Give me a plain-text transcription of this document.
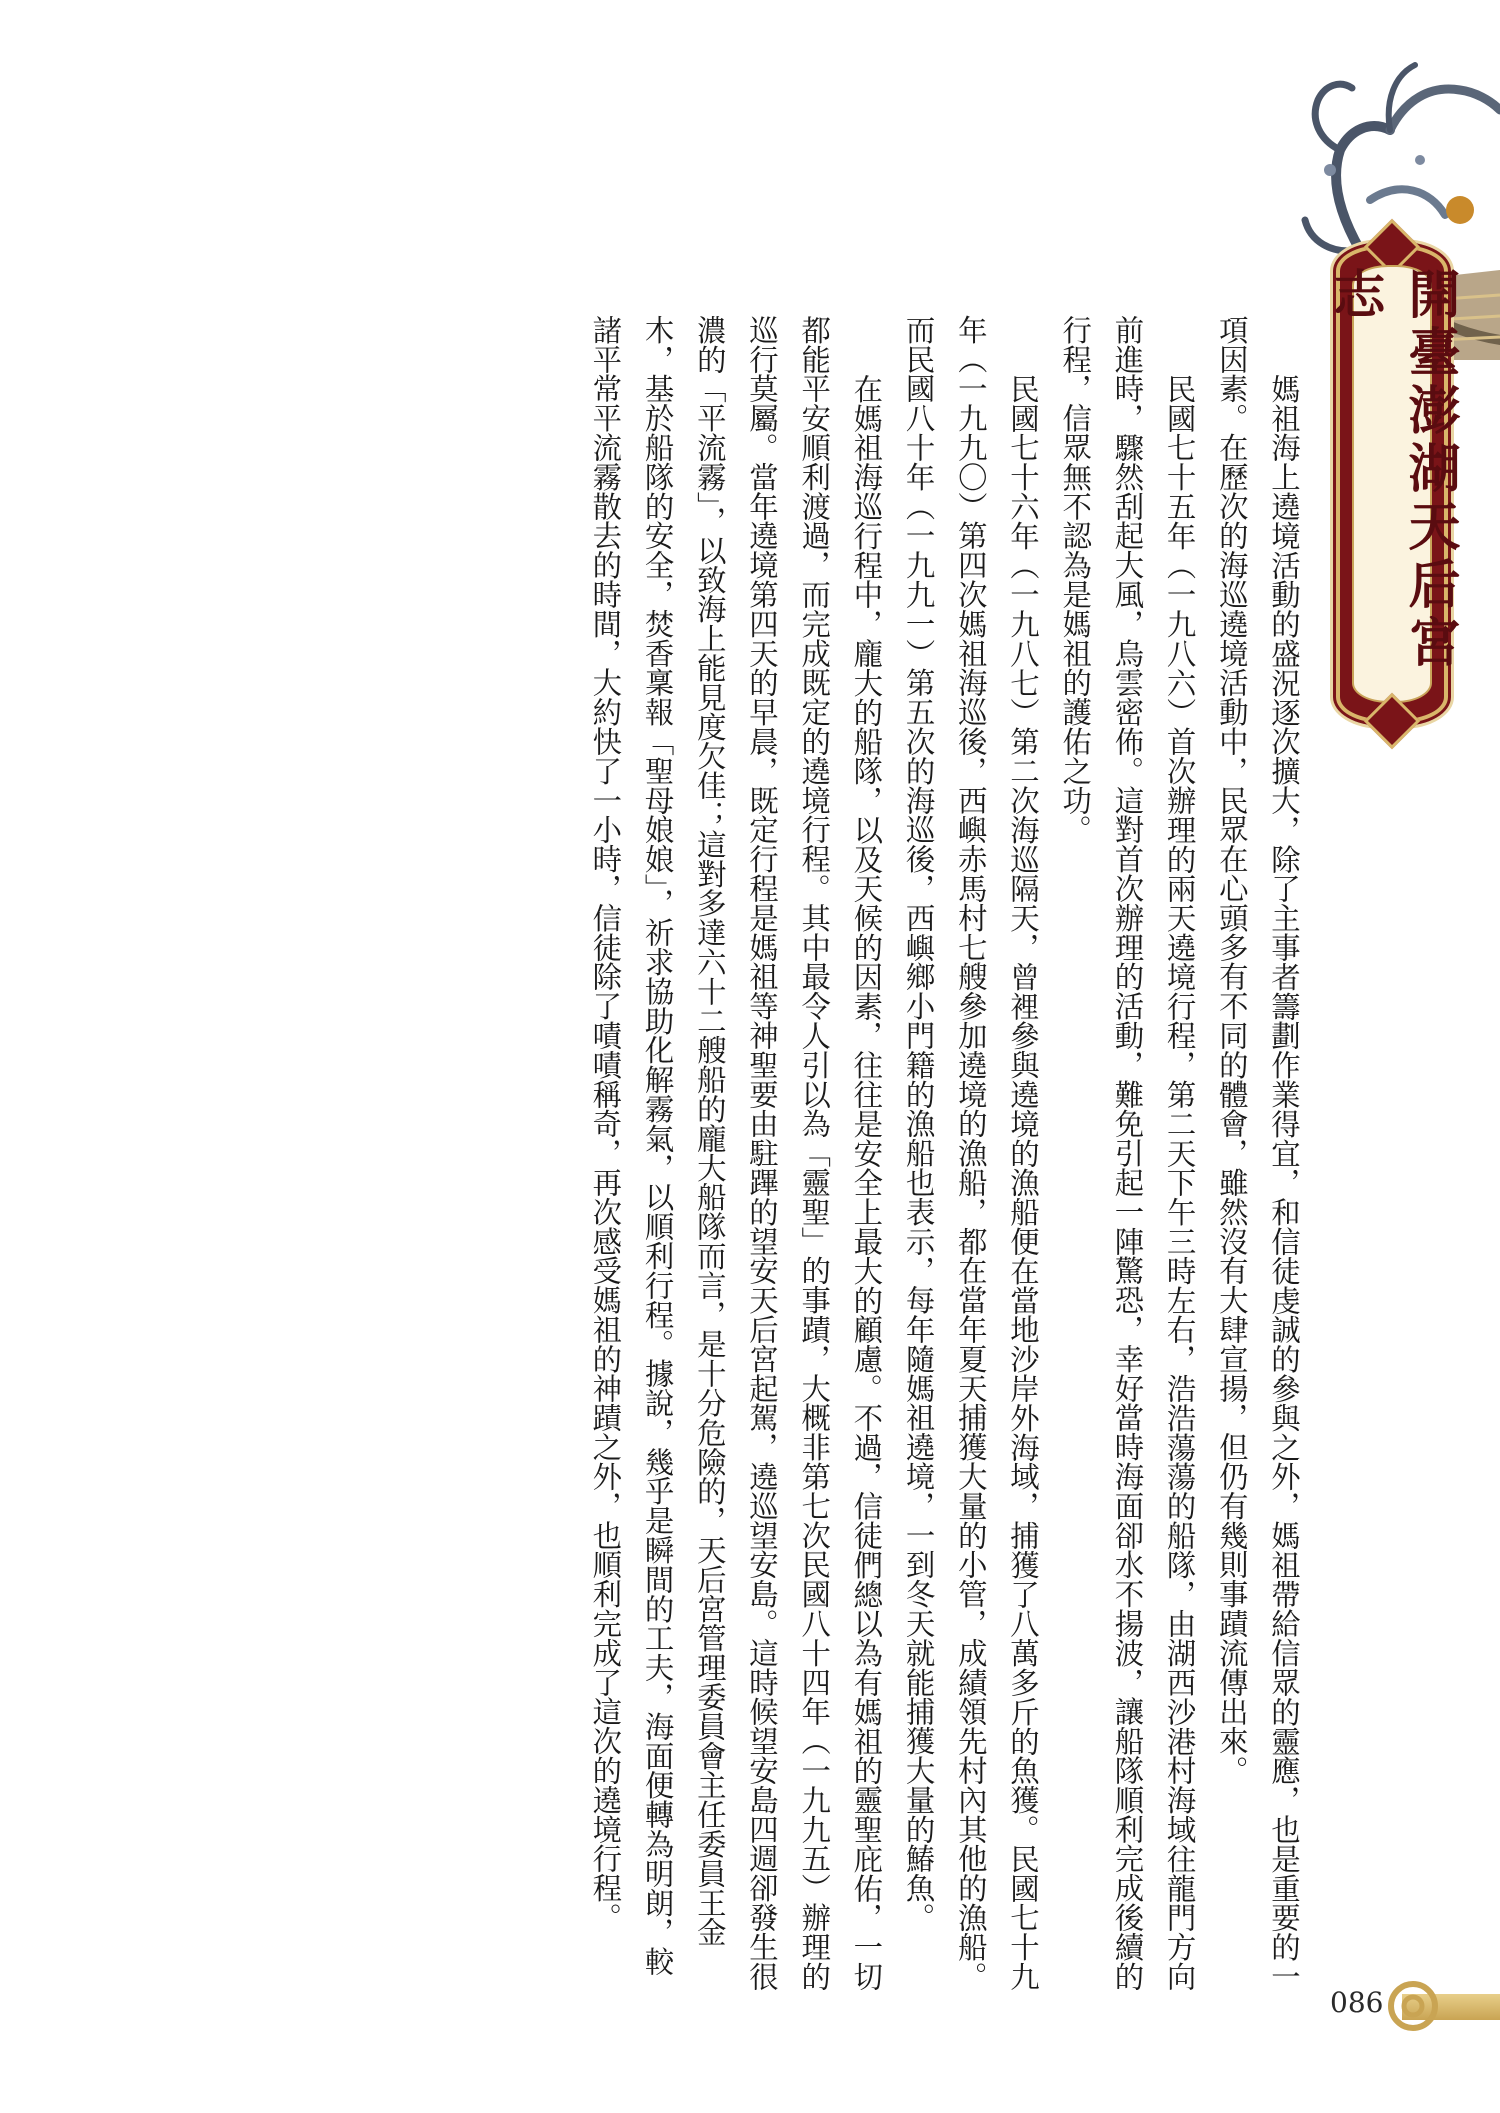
開臺澎湖天后宮志

媽祖海上遶境活動的盛況逐次擴大，除了主事者籌劃作業得宜，和信徒虔誠的參與之外，媽祖帶給信眾的靈應，也是重要的一項因素。在歷次的海巡遶境活動中，民眾在心頭多有不同的體會，雖然沒有大肆宣揚，但仍有幾則事蹟流傳出來。

民國七十五年（一九八六）首次辦理的兩天遶境行程，第二天下午三時左右，浩浩蕩蕩的船隊，由湖西沙港村海域往龍門方向前進時，驟然刮起大風，烏雲密佈。這對首次辦理的活動，難免引起一陣驚恐，幸好當時海面卻水不揚波，讓船隊順利完成後續的行程，信眾無不認為是媽祖的護佑之功。

民國七十六年（一九八七）第二次海巡隔天，曾裡參與遶境的漁船便在當地沙岸外海域，捕獲了八萬多斤的魚獲。民國七十九年（一九九〇）第四次媽祖海巡後，西嶼赤馬村七艘參加遶境的漁船，都在當年夏天捕獲大量的小管，成績領先村內其他的漁船。而民國八十年（一九九一）第五次的海巡後，西嶼鄉小門籍的漁船也表示，每年隨媽祖遶境，一到冬天就能捕獲大量的鰆魚。

在媽祖海巡行程中，龐大的船隊，以及天候的因素，往往是安全上最大的顧慮。不過，信徒們總以為有媽祖的靈聖庇佑，一切都能平安順利渡過，而完成既定的遶境行程。其中最令人引以為「靈聖」的事蹟，大概非第七次民國八十四年（一九九五）辦理的巡行莫屬。當年遶境第四天的早晨，既定行程是媽祖等神聖要由駐蹕的望安天后宮起駕，遶巡望安島。這時候望安島四週卻發生很濃的「平流霧」，以致海上能見度欠佳；這對多達六十二艘船的龐大船隊而言，是十分危險的，天后宮管理委員會主任委員王金木，基於船隊的安全，焚香稟報「聖母娘娘」，祈求協助化解霧氣，以順利行程。據說，幾乎是瞬間的工夫，海面便轉為明朗，較諸平常平流霧散去的時間，大約快了一小時，信徒除了嘖嘖稱奇，再次感受媽祖的神蹟之外，也順利完成了這次的遶境行程。

086
